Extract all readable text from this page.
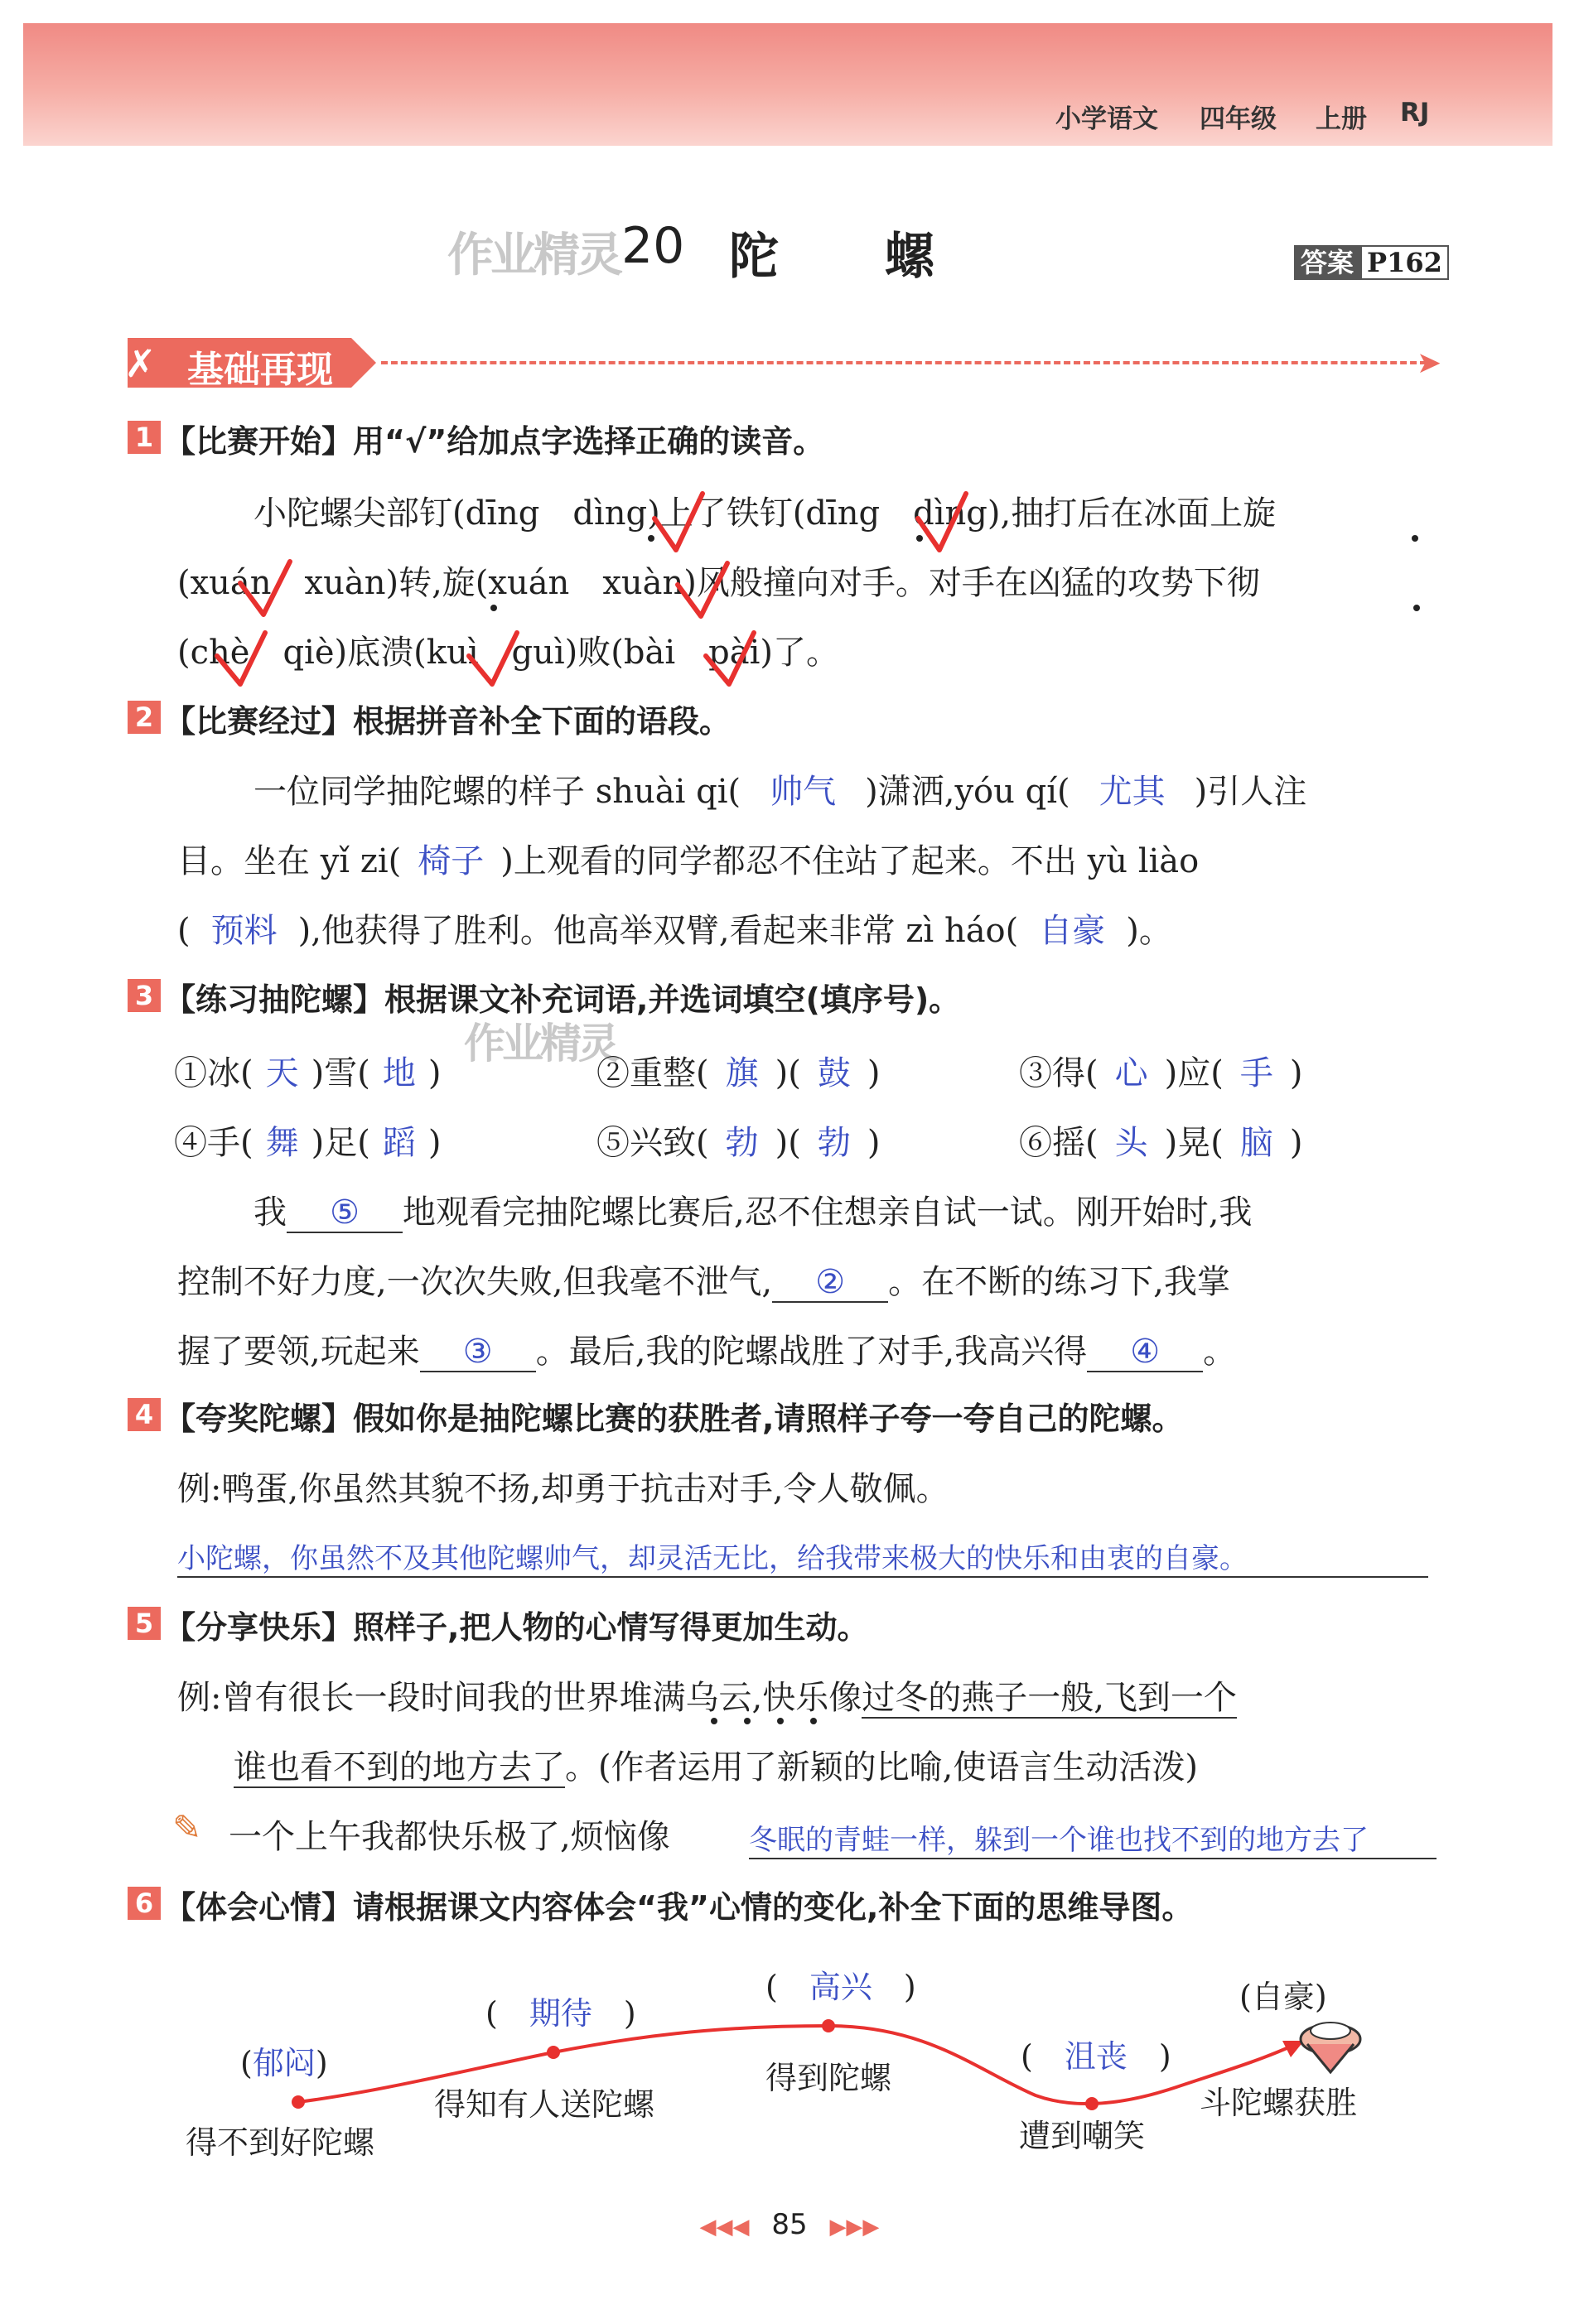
小学语文 四年级 上册 RJ
作业精灵 20 陀 螺	答案 P162
✗ 基础再现	➤
1 【比赛开始】用“√”给加点字选择正确的读音。
小陀螺尖部钉(dīng　dìng)上了铁钉(dīng　dìng),抽打后在冰面上旋
(xuán　xuàn)转,旋(xuán　xuàn)风般撞向对手。对手在凶猛的攻势下彻
(chè　qiè)底溃(kuì　guì)败(bài　pài)了。
2 【比赛经过】根据拼音补全下面的语段。
一位同学抽陀螺的样子 shuài qi( 帅气 )潇洒,yóu qí( 尤其 )引人注
目。坐在 yǐ zi( 椅子 )上观看的同学都忍不住站了起来。不出 yù liào
( 预料 ),他获得了胜利。他高举双臂,看起来非常 zì háo( 自豪 )。
3 【练习抽陀螺】根据课文补充词语,并选词填空(填序号)。
作业精灵
①冰( 天 )雪( 地 )	②重整( 旗 )( 鼓 )	③得( 心 )应( 手 )
④手( 舞 )足( 蹈 )	⑤兴致( 勃 )( 勃 )	⑥摇( 头 )晃( 脑 )
我 ⑤ 地观看完抽陀螺比赛后,忍不住想亲自试一试。刚开始时,我
控制不好力度,一次次失败,但我毫不泄气, ② 。在不断的练习下,我掌
握了要领,玩起来 ③ 。最后,我的陀螺战胜了对手,我高兴得 ④ 。
4 【夸奖陀螺】假如你是抽陀螺比赛的获胜者,请照样子夸一夸自己的陀螺。
例:鸭蛋,你虽然其貌不扬,却勇于抗击对手,令人敬佩。
小陀螺，你虽然不及其他陀螺帅气，却灵活无比，给我带来极大的快乐和由衷的自豪。
5 【分享快乐】照样子,把人物的心情写得更加生动。
例:曾有很长一段时间我的世界堆满乌云,快乐像过冬的燕子一般,飞到一个
谁也看不到的地方去了。(作者运用了新颖的比喻,使语言生动活泼)
✎ 一个上午我都快乐极了,烦恼像	冬眠的青蛙一样，躲到一个谁也找不到的地方去了
6 【体会心情】请根据课文内容体会“我”心情的变化,补全下面的思维导图。
(郁闷)
得不到好陀螺
(　期待　)
得知有人送陀螺
(　高兴　)
得到陀螺
(　沮丧　)
遭到嘲笑
(自豪)
斗陀螺获胜
◀◀◀ 85 ▶▶▶
